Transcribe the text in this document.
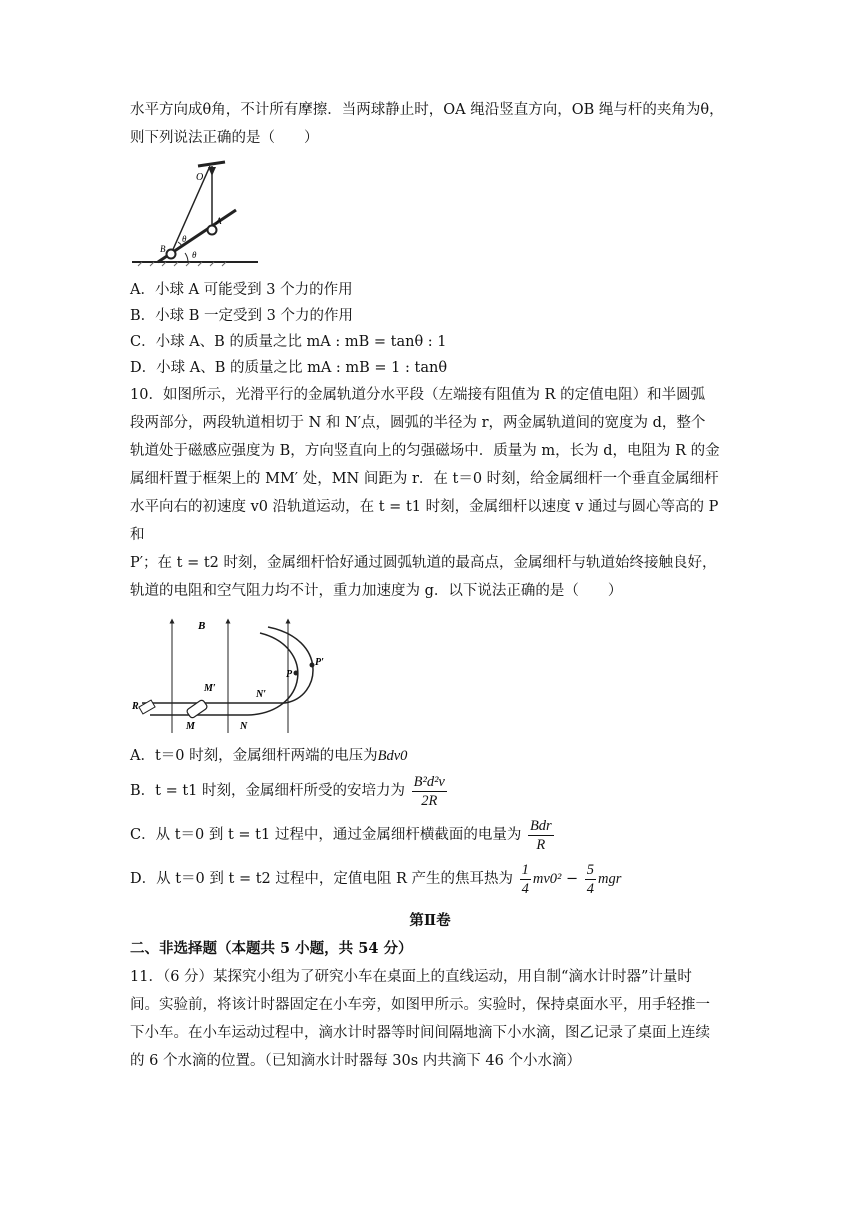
水平方向成θ角，不计所有摩擦．当两球静止时，OA 绳沿竖直方向，OB 绳与杆的夹角为θ，

则下列说法正确的是（　　）

O
A
B
θ
θ

A．小球 A 可能受到 3 个力的作用

B．小球 B 一定受到 3 个力的作用

C．小球 A、B 的质量之比 mA : mB = tanθ : 1

D．小球 A、B 的质量之比 mA : mB = 1 : tanθ

10．如图所示，光滑平行的金属轨道分水平段（左端接有阻值为 R 的定值电阻）和半圆弧

段两部分，两段轨道相切于 N 和 N′点，圆弧的半径为 r，两金属轨道间的宽度为 d，整个

轨道处于磁感应强度为 B，方向竖直向上的匀强磁场中．质量为 m，长为 d，电阻为 R 的金

属细杆置于框架上的 MM′ 处，MN 间距为 r．在 t＝0 时刻，给金属细杆一个垂直金属细杆

水平向右的初速度 v0 沿轨道运动，在 t = t1 时刻，金属细杆以速度 v 通过与圆心等高的 P 和

P′；在 t = t2 时刻，金属细杆恰好通过圆弧轨道的最高点，金属细杆与轨道始终接触良好，

轨道的电阻和空气阻力均不计，重力加速度为 g．以下说法正确的是（　　）

B
R
M
M′
N
N′
P
P′

A．t＝0 时刻，金属细杆两端的电压为Bdv0

B．t = t1 时刻，金属细杆所受的安培力为 $\frac{\text{B²d²v}}{2R}$

C．从 t＝0 到 t = t1 过程中，通过金属细杆横截面的电量为 $\frac{\text{Bdr}}{R}$

D．从 t＝0 到 t = t2 过程中，定值电阻 R 产生的焦耳热为 $\frac{1}{4} mv0^2 - \frac{5}{4}$ mgr

第Ⅱ卷

二、非选择题（本题共 5 小题，共 54 分）

11．（6 分）某探究小组为了研究小车在桌面上的直线运动，用自制“滴水计时器”计量时

间。实验前，将该计时器固定在小车旁，如图甲所示。实验时，保持桌面水平，用手轻推一

下小车。在小车运动过程中，滴水计时器等时间间隔地滴下小水滴，图乙记录了桌面上连续

的 6 个水滴的位置。（已知滴水计时器每 30s 内共滴下 46 个小水滴）
